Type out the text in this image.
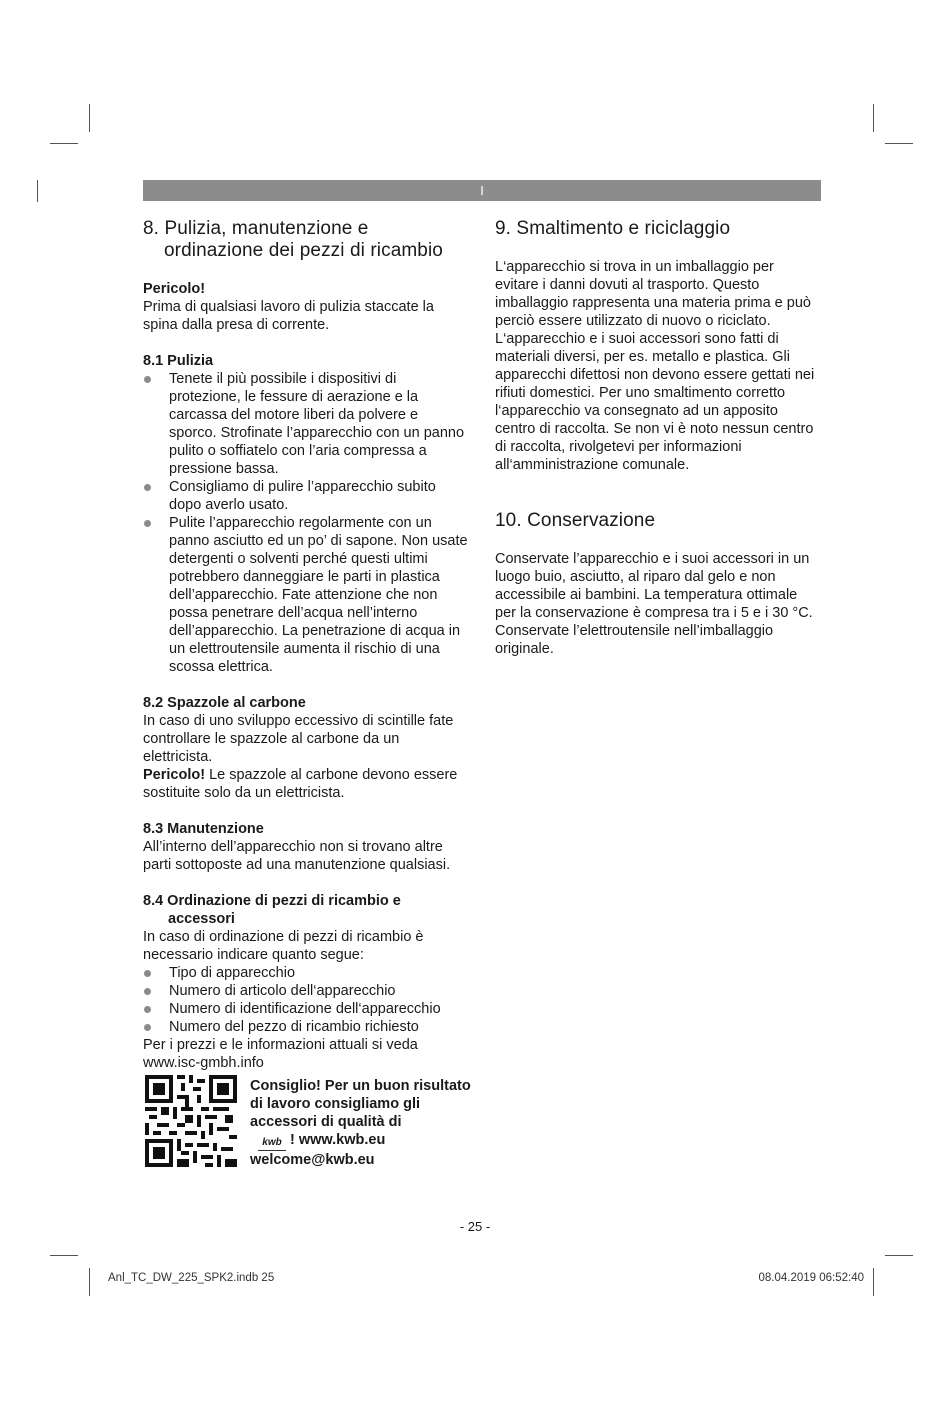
I
8. Pulizia, manutenzione e ordinazione dei pezzi di ricambio

Pericolo!

Prima di qualsiasi lavoro di pulizia staccate la spina dalla presa di corrente.

8.1 Pulizia

Tenete il più possibile i dispositivi di protezione, le fessure di aerazione e la carcassa del motore liberi da polvere e sporco. Strofinate l’apparecchio con un panno pulito o soffiatelo con l’aria compressa a pressione bassa.
Consigliamo di pulire l’apparecchio subito dopo averlo usato.
Pulite l’apparecchio regolarmente con un panno asciutto ed un po’ di sapone. Non usate detergenti o solventi perché questi ultimi potrebbero danneggiare le parti in plastica dell’apparecchio. Fate attenzione che non possa penetrare dell’acqua nell’interno dell’apparecchio. La penetrazione di acqua in un elettroutensile aumenta il rischio di una scossa elettrica.

8.2 Spazzole al carbone

In caso di uno sviluppo eccessivo di scintille fate controllare le spazzole al carbone da un elettricista.

Pericolo! Le spazzole al carbone devono essere sostituite solo da un elettricista.

8.3 Manutenzione

All’interno dell’apparecchio non si trovano altre parti sottoposte ad una manutenzione qualsiasi.

8.4 Ordinazione di pezzi di ricambio e accessori

In caso di ordinazione di pezzi di ricambio è necessario indicare quanto segue:

Tipo di apparecchio
Numero di articolo dell‘apparecchio
Numero di identificazione dell‘apparecchio
Numero del pezzo di ricambio richiesto

Per i prezzi e le informazioni attuali si veda www.isc-gmbh.info

9. Smaltimento e riciclaggio

L‘apparecchio si trova in un imballaggio per evitare i danni dovuti al trasporto. Questo imballaggio rappresenta una materia prima e può perciò essere utilizzato di nuovo o riciclato. L‘apparecchio e i suoi accessori sono fatti di materiali diversi, per es. metallo e plastica. Gli apparecchi difettosi non devono essere gettati nei rifiuti domestici. Per uno smaltimento corretto l‘apparecchio va consegnato ad un apposito centro di raccolta. Se non vi è noto nessun centro di raccolta, rivolgetevi per informazioni all‘amministrazione comunale.

10. Conservazione

Conservate l’apparecchio e i suoi accessori in un luogo buio, asciutto, al riparo dal gelo e non accessibile ai bambini. La temperatura ottimale per la conservazione è compresa tra i 5 e i 30 °C. Conservate l’elettroutensile nell’imballaggio originale.

Consiglio! Per un buon risultato di lavoro consigliamo gli accessori di qualità di
kwb ! www.kwb.eu
welcome@kwb.eu
- 25 -
Anl_TC_DW_225_SPK2.indb 25	08.04.2019 06:52:40
